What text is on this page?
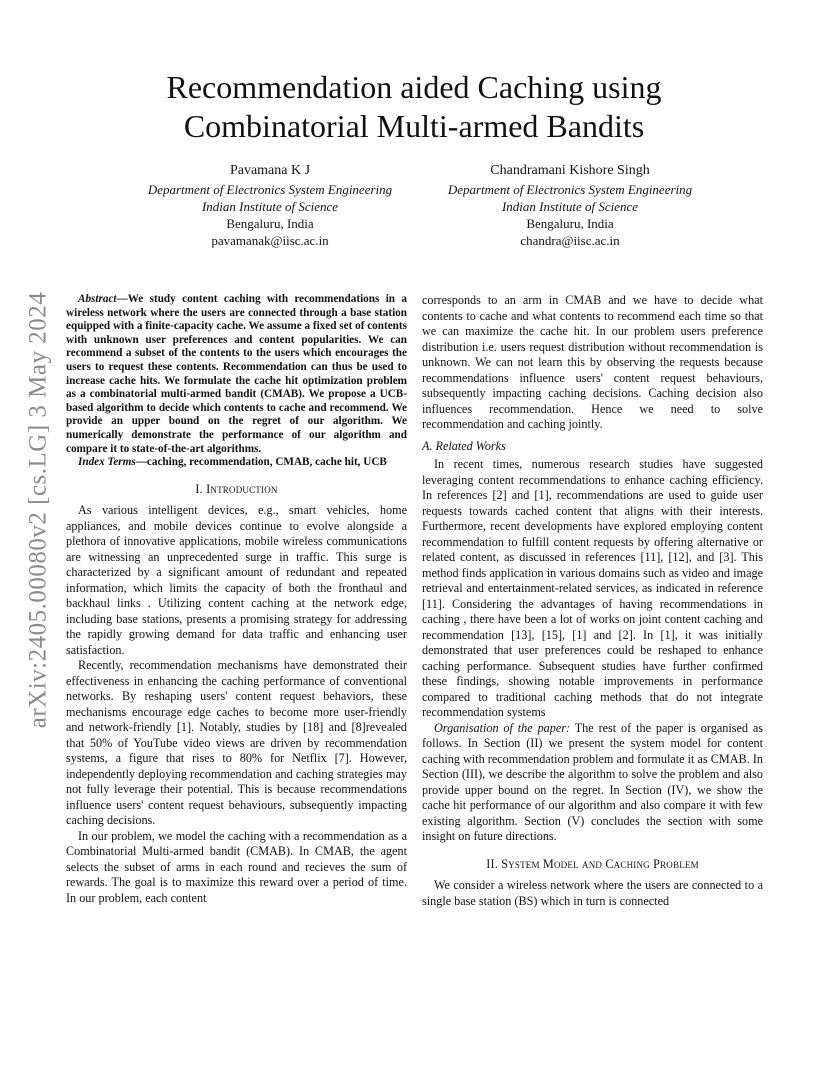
arXiv:2405.00080v2 [cs.LG] 3 May 2024
Recommendation aided Caching using
Combinatorial Multi-armed Bandits
Pavamana K J
Department of Electronics System Engineering
Indian Institute of Science
Bengaluru, India
pavamanak@iisc.ac.in
Chandramani Kishore Singh
Department of Electronics System Engineering
Indian Institute of Science
Bengaluru, India
chandra@iisc.ac.in

Abstract—We study content caching with recommendations in a wireless network where the users are connected through a base station equipped with a finite-capacity cache. We assume a fixed set of contents with unknown user preferences and content popularities. We can recommend a subset of the contents to the users which encourages the users to request these contents. Recommendation can thus be used to increase cache hits. We formulate the cache hit optimization problem as a combinatorial multi-armed bandit (CMAB). We propose a UCB-based algorithm to decide which contents to cache and recommend. We provide an upper bound on the regret of our algorithm. We numerically demonstrate the performance of our algorithm and compare it to state-of-the-art algorithms.

Index Terms—caching, recommendation, CMAB, cache hit, UCB

I. Introduction

As various intelligent devices, e.g., smart vehicles, home appliances, and mobile devices continue to evolve alongside a plethora of innovative applications, mobile wireless communications are witnessing an unprecedented surge in traffic. This surge is characterized by a significant amount of redundant and repeated information, which limits the capacity of both the fronthaul and backhaul links . Utilizing content caching at the network edge, including base stations, presents a promising strategy for addressing the rapidly growing demand for data traffic and enhancing user satisfaction.

Recently, recommendation mechanisms have demonstrated their effectiveness in enhancing the caching performance of conventional networks. By reshaping users' content request behaviors, these mechanisms encourage edge caches to become more user-friendly and network-friendly [1]. Notably, studies by [18] and [8]revealed that 50% of YouTube video views are driven by recommendation systems, a figure that rises to 80% for Netflix [7]. However, independently deploying recommendation and caching strategies may not fully leverage their potential. This is because recommendations influence users' content request behaviours, subsequently impacting caching decisions.

In our problem, we model the caching with a recommendation as a Combinatorial Multi-armed bandit (CMAB). In CMAB, the agent selects the subset of arms in each round and recieves the sum of rewards. The goal is to maximize this reward over a period of time. In our problem, each content

corresponds to an arm in CMAB and we have to decide what contents to cache and what contents to recommend each time so that we can maximize the cache hit. In our problem users preference distribution i.e. users request distribution without recommendation is unknown. We can not learn this by observing the requests because recommendations influence users' content request behaviours, subsequently impacting caching decisions. Caching decision also influences recommendation. Hence we need to solve recommendation and caching jointly.

A. Related Works

In recent times, numerous research studies have suggested leveraging content recommendations to enhance caching efficiency. In references [2] and [1], recommendations are used to guide user requests towards cached content that aligns with their interests. Furthermore, recent developments have explored employing content recommendation to fulfill content requests by offering alternative or related content, as discussed in references [11], [12], and [3]. This method finds application in various domains such as video and image retrieval and entertainment-related services, as indicated in reference [11]. Considering the advantages of having recommendations in caching , there have been a lot of works on joint content caching and recommendation [13], [15], [1] and [2]. In [1], it was initially demonstrated that user preferences could be reshaped to enhance caching performance. Subsequent studies have further confirmed these findings, showing notable improvements in performance compared to traditional caching methods that do not integrate recommendation systems

Organisation of the paper: The rest of the paper is organised as follows. In Section (II) we present the system model for content caching with recommendation problem and formulate it as CMAB. In Section (III), we describe the algorithm to solve the problem and also provide upper bound on the regret. In Section (IV), we show the cache hit performance of our algorithm and also compare it with few existing algorithm. Section (V) concludes the section with some insight on future directions.

II. System Model and Caching Problem

We consider a wireless network where the users are connected to a single base station (BS) which in turn is connected
